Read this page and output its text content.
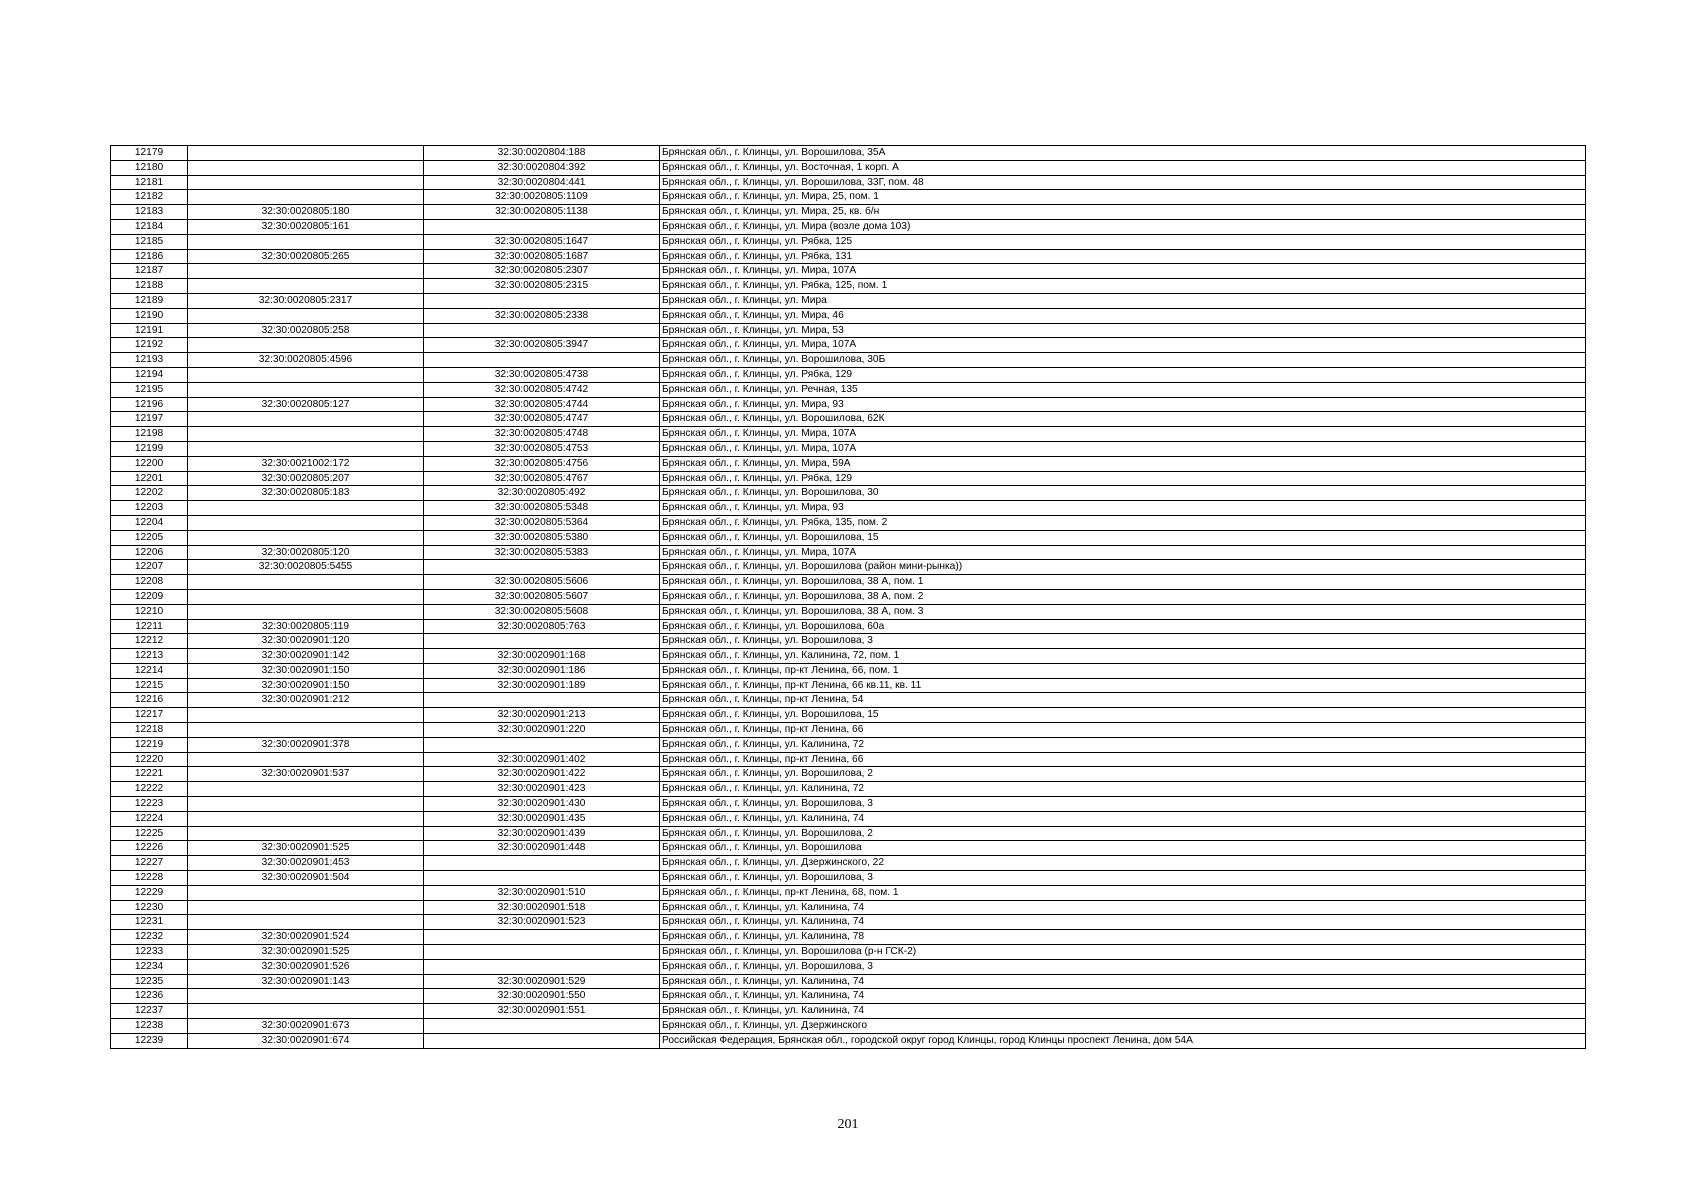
12179		32:30:0020804:188	Брянская обл., г. Клинцы, ул. Ворошилова, 35А
12180		32:30:0020804:392	Брянская обл., г. Клинцы, ул. Восточная, 1 корп. А
12181		32:30:0020804:441	Брянская обл., г. Клинцы, ул. Ворошилова, 33Г, пом. 48
12182		32:30:0020805:1109	Брянская обл., г. Клинцы, ул. Мира, 25, пом. 1
12183	32:30:0020805:180	32:30:0020805:1138	Брянская обл., г. Клинцы, ул. Мира, 25, кв. б/н
12184	32:30:0020805:161		Брянская обл., г. Клинцы, ул. Мира (возле дома 103)
12185		32:30:0020805:1647	Брянская обл., г. Клинцы, ул. Рябка, 125
12186	32:30:0020805:265	32:30:0020805:1687	Брянская обл., г. Клинцы, ул. Рябка, 131
12187		32:30:0020805:2307	Брянская обл., г. Клинцы, ул. Мира, 107А
12188		32:30:0020805:2315	Брянская обл., г. Клинцы, ул. Рябка, 125, пом. 1
12189	32:30:0020805:2317		Брянская обл., г. Клинцы, ул. Мира
12190		32:30:0020805:2338	Брянская обл., г. Клинцы, ул. Мира, 46
12191	32:30:0020805:258		Брянская обл., г. Клинцы, ул. Мира, 53
12192		32:30:0020805:3947	Брянская обл., г. Клинцы, ул. Мира, 107А
12193	32:30:0020805:4596		Брянская обл., г. Клинцы, ул. Ворошилова, 30Б
12194		32:30:0020805:4738	Брянская обл., г. Клинцы, ул. Рябка, 129
12195		32:30:0020805:4742	Брянская обл., г. Клинцы, ул. Речная, 135
12196	32:30:0020805:127	32:30:0020805:4744	Брянская обл., г. Клинцы, ул. Мира, 93
12197		32:30:0020805:4747	Брянская обл., г. Клинцы, ул. Ворошилова, 62К
12198		32:30:0020805:4748	Брянская обл., г. Клинцы, ул. Мира, 107А
12199		32:30:0020805:4753	Брянская обл., г. Клинцы, ул. Мира, 107А
12200	32:30:0021002:172	32:30:0020805:4756	Брянская обл., г. Клинцы, ул. Мира, 59А
12201	32:30:0020805:207	32:30:0020805:4767	Брянская обл., г. Клинцы, ул. Рябка, 129
12202	32:30:0020805:183	32:30:0020805:492	Брянская обл., г. Клинцы, ул. Ворошилова, 30
12203		32:30:0020805:5348	Брянская обл., г. Клинцы, ул. Мира, 93
12204		32:30:0020805:5364	Брянская обл., г. Клинцы, ул. Рябка, 135, пом. 2
12205		32:30:0020805:5380	Брянская обл., г. Клинцы, ул. Ворошилова, 15
12206	32:30:0020805:120	32:30:0020805:5383	Брянская обл., г. Клинцы, ул. Мира, 107А
12207	32:30:0020805:5455		Брянская обл., г. Клинцы, ул. Ворошилова (район мини-рынка))
12208		32:30:0020805:5606	Брянская обл., г. Клинцы, ул. Ворошилова, 38 А, пом. 1
12209		32:30:0020805:5607	Брянская обл., г. Клинцы, ул. Ворошилова, 38 А, пом. 2
12210		32:30:0020805:5608	Брянская обл., г. Клинцы, ул. Ворошилова, 38 А, пом. 3
12211	32:30:0020805:119	32:30:0020805:763	Брянская обл., г. Клинцы, ул. Ворошилова, 60а
12212	32:30:0020901:120		Брянская обл., г. Клинцы, ул. Ворошилова, 3
12213	32:30:0020901:142	32:30:0020901:168	Брянская обл., г. Клинцы, ул. Калинина, 72, пом. 1
12214	32:30:0020901:150	32:30:0020901:186	Брянская обл., г. Клинцы, пр-кт Ленина, 66, пом. 1
12215	32:30:0020901:150	32:30:0020901:189	Брянская обл., г. Клинцы, пр-кт Ленина, 66 кв.11, кв. 11
12216	32:30:0020901:212		Брянская обл., г. Клинцы, пр-кт Ленина, 54
12217		32:30:0020901:213	Брянская обл., г. Клинцы, ул. Ворошилова, 15
12218		32:30:0020901:220	Брянская обл., г. Клинцы, пр-кт Ленина, 66
12219	32:30:0020901:378		Брянская обл., г. Клинцы, ул. Калинина, 72
12220		32:30:0020901:402	Брянская обл., г. Клинцы, пр-кт Ленина, 66
12221	32:30:0020901:537	32:30:0020901:422	Брянская обл., г. Клинцы, ул. Ворошилова, 2
12222		32:30:0020901:423	Брянская обл., г. Клинцы, ул. Калинина, 72
12223		32:30:0020901:430	Брянская обл., г. Клинцы, ул. Ворошилова, 3
12224		32:30:0020901:435	Брянская обл., г. Клинцы, ул. Калинина, 74
12225		32:30:0020901:439	Брянская обл., г. Клинцы, ул. Ворошилова, 2
12226	32:30:0020901:525	32:30:0020901:448	Брянская обл., г. Клинцы, ул. Ворошилова
12227	32:30:0020901:453		Брянская обл., г. Клинцы, ул. Дзержинского, 22
12228	32:30:0020901:504		Брянская обл., г. Клинцы, ул. Ворошилова, 3
12229		32:30:0020901:510	Брянская обл., г. Клинцы, пр-кт Ленина, 68, пом. 1
12230		32:30:0020901:518	Брянская обл., г. Клинцы, ул. Калинина, 74
12231		32:30:0020901:523	Брянская обл., г. Клинцы, ул. Калинина, 74
12232	32:30:0020901:524		Брянская обл., г. Клинцы, ул. Калинина, 78
12233	32:30:0020901:525		Брянская обл., г. Клинцы, ул. Ворошилова (р-н ГСК-2)
12234	32:30:0020901:526		Брянская обл., г. Клинцы, ул. Ворошилова, 3
12235	32:30:0020901:143	32:30:0020901:529	Брянская обл., г. Клинцы, ул. Калинина, 74
12236		32:30:0020901:550	Брянская обл., г. Клинцы, ул. Калинина, 74
12237		32:30:0020901:551	Брянская обл., г. Клинцы, ул. Калинина, 74
12238	32:30:0020901:673		Брянская обл., г. Клинцы, ул. Дзержинского
12239	32:30:0020901:674		Российская Федерация, Брянская обл., городской округ город Клинцы, город Клинцы проспект Ленина, дом 54А
201
